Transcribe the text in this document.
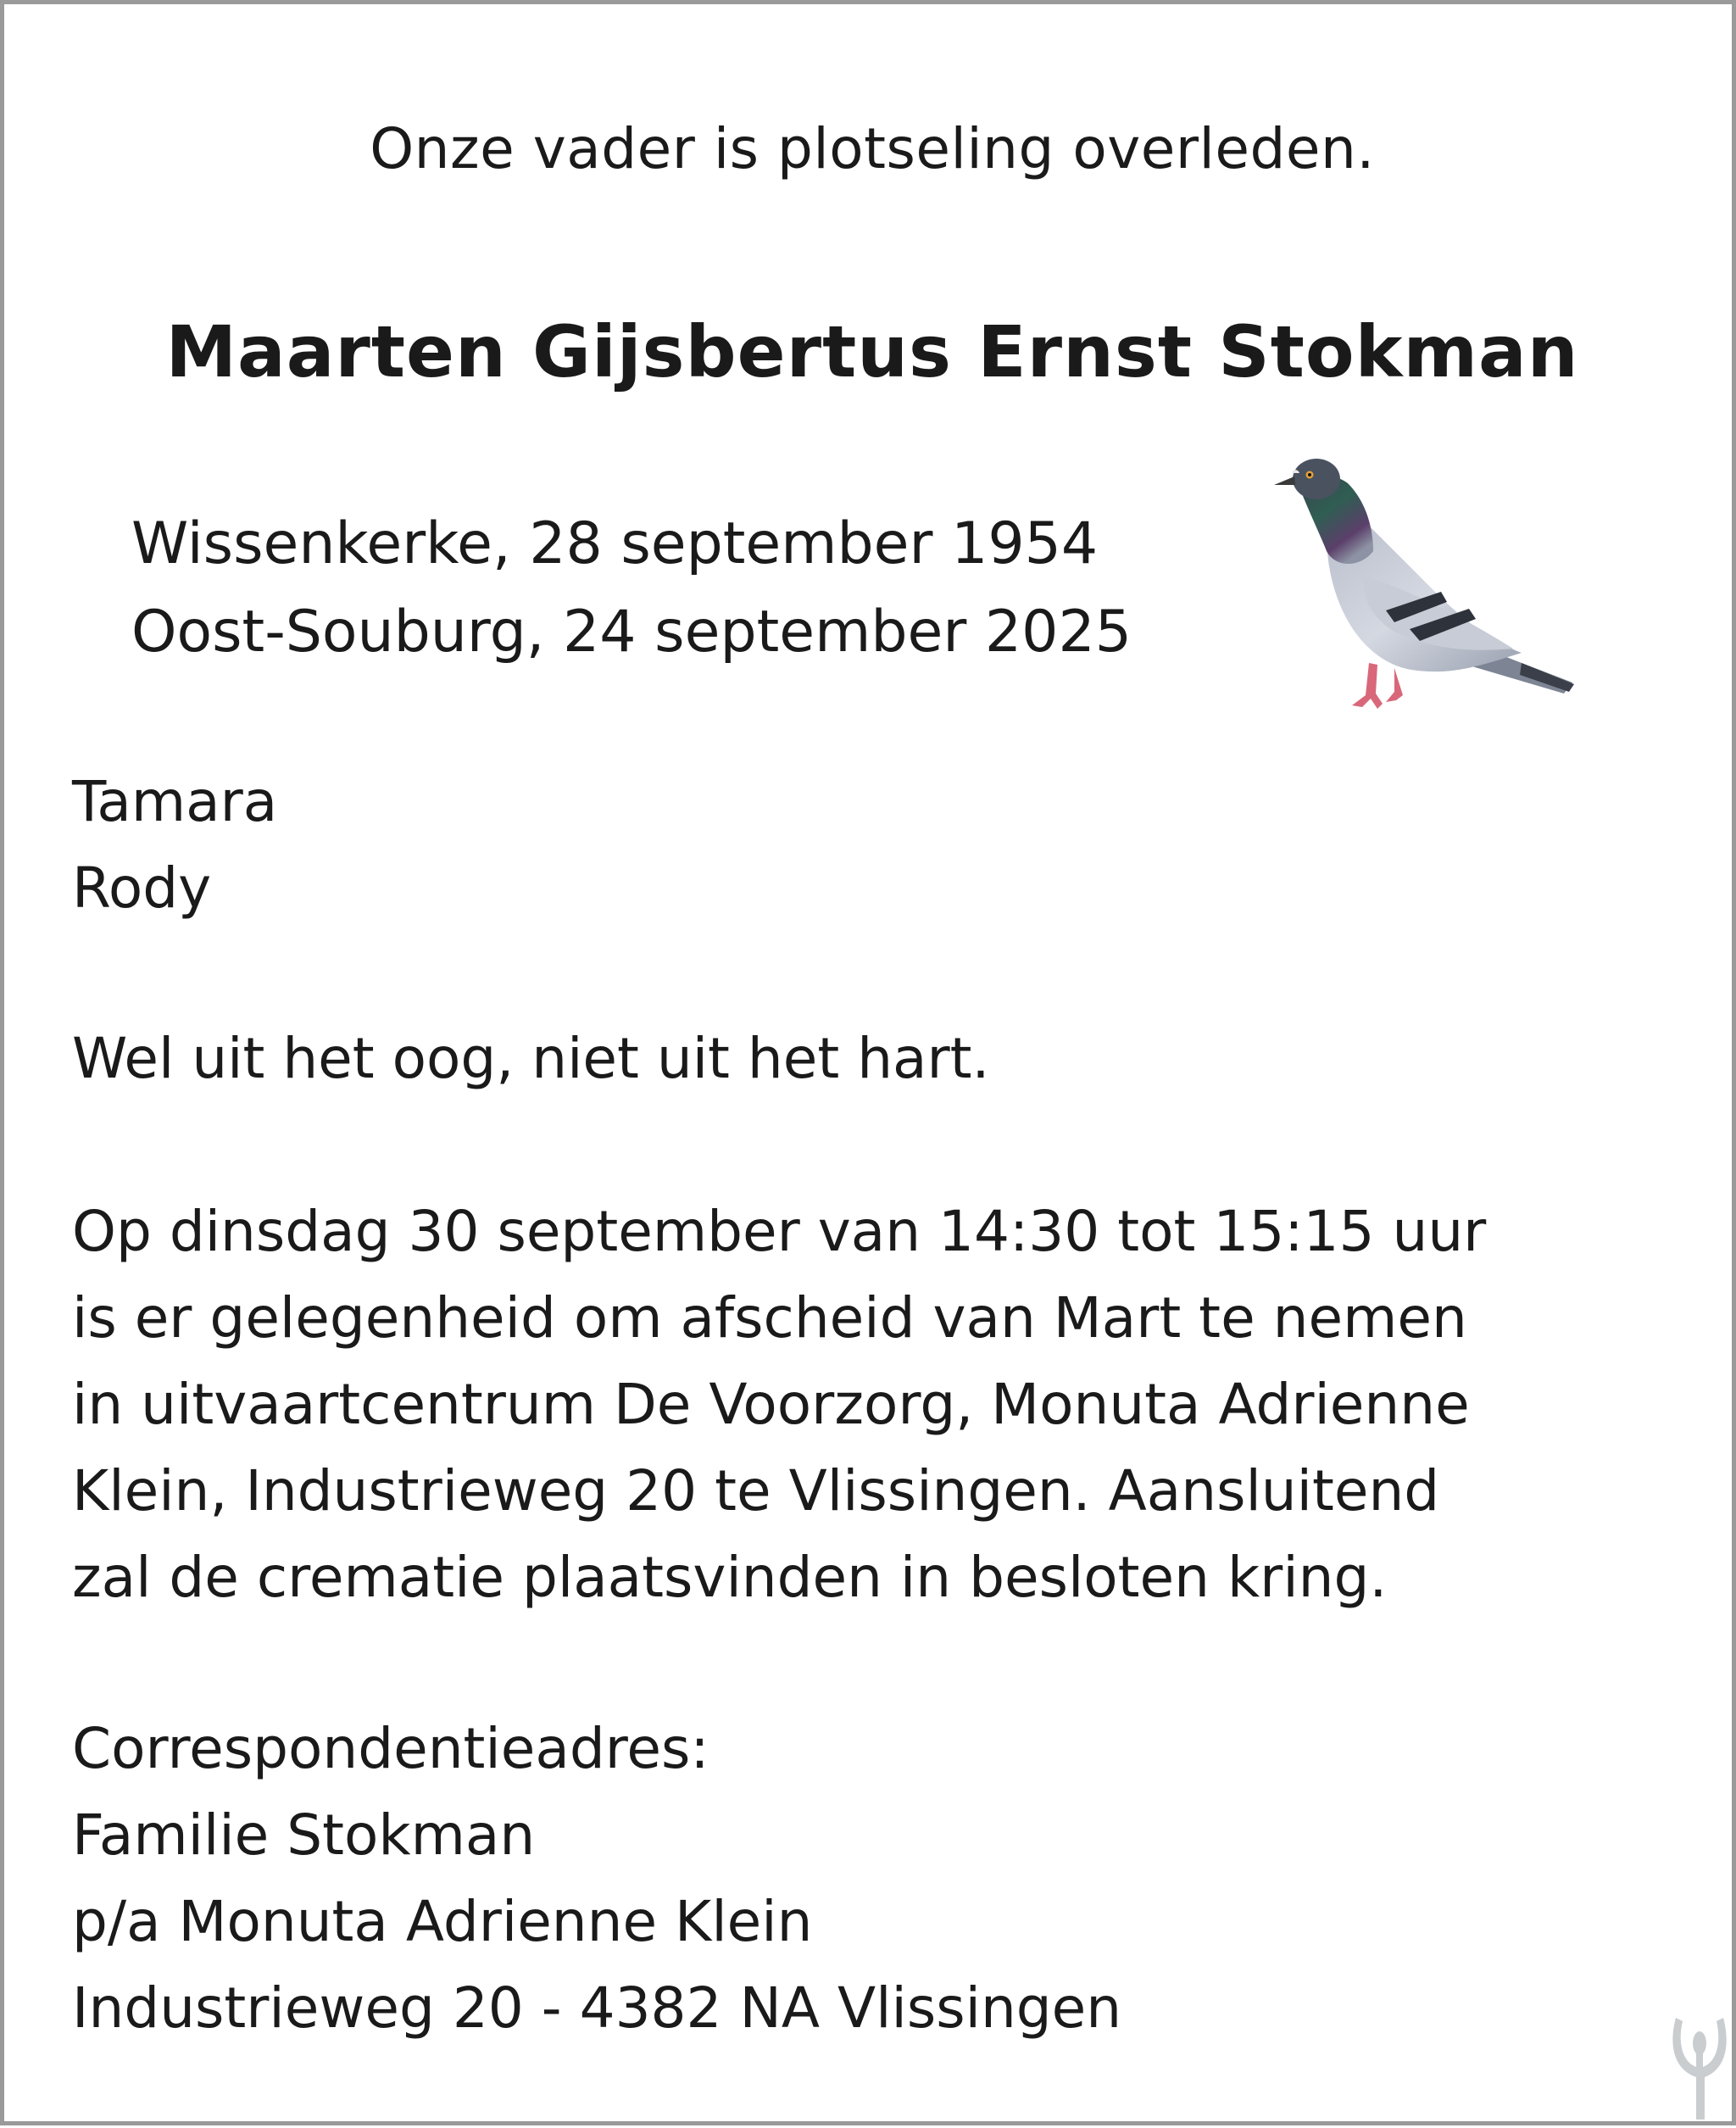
Onze vader is plotseling overleden.
Maarten Gijsbertus Ernst Stokman
Wissenkerke, 28 september 1954
Oost-Souburg, 24 september 2025
Tamara
Rody
Wel uit het oog, niet uit het hart.
Op dinsdag 30 september van 14:30 tot 15:15 uur
is er gelegenheid om afscheid van Mart te nemen
in uitvaartcentrum De Voorzorg, Monuta Adrienne
Klein, Industrieweg 20 te Vlissingen. Aansluitend
zal de crematie plaatsvinden in besloten kring.
Correspondentieadres:
Familie Stokman
p/a Monuta Adrienne Klein
Industrieweg 20 - 4382 NA Vlissingen
